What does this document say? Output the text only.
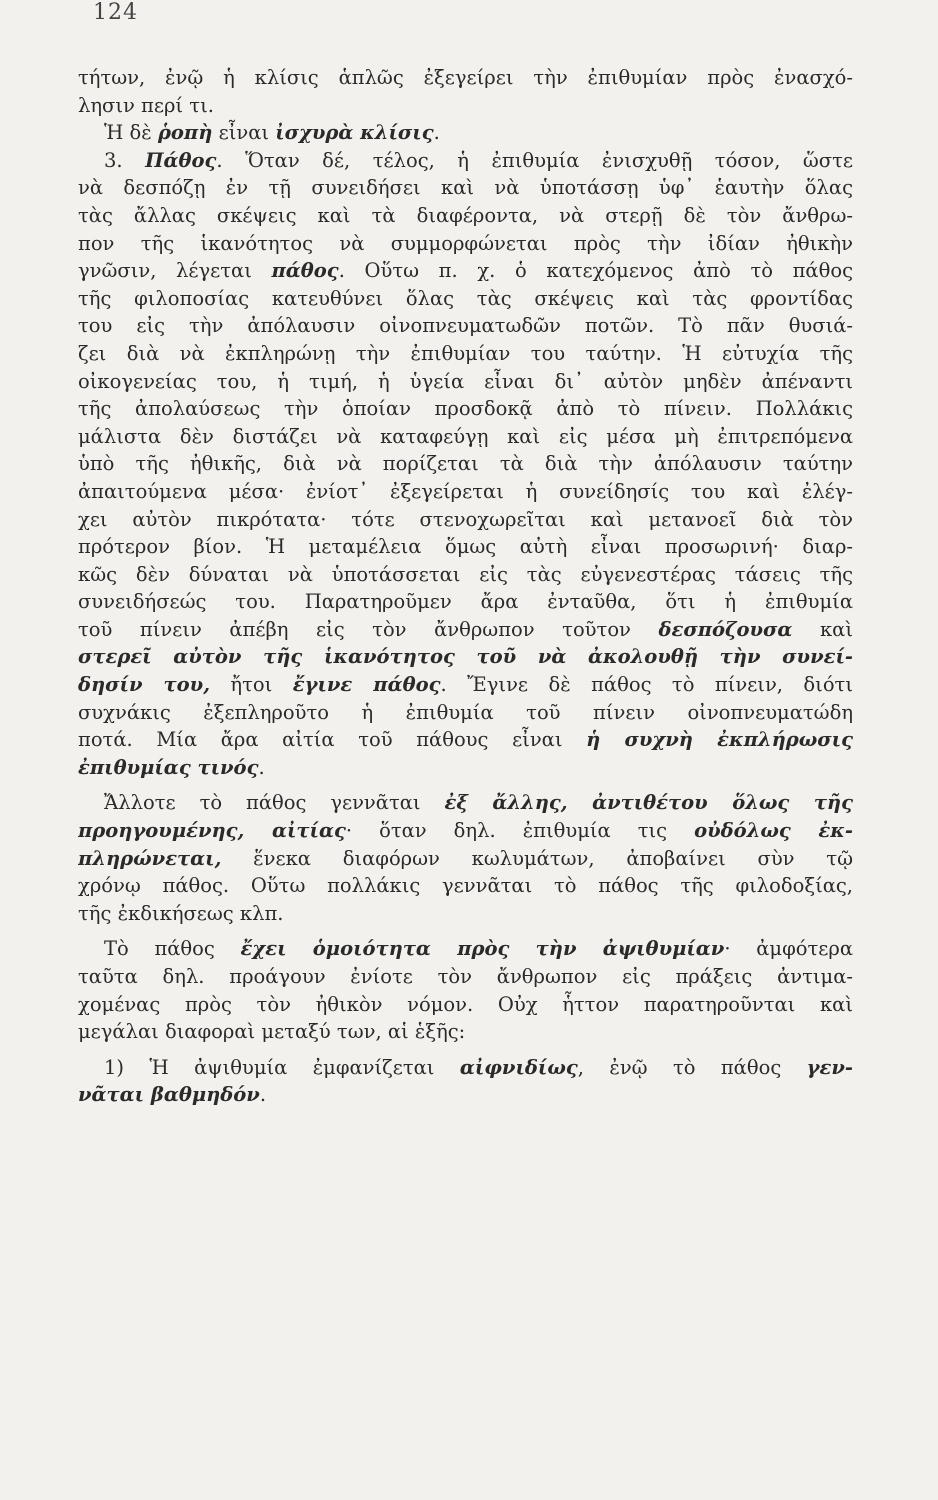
124
τήτων, ἐνῷ ἡ κλίσις ἁπλῶς ἐξεγείρει τὴν ἐπιθυμίαν πρὸς ἐνασχό-
λησιν περί τι.
Ἡ δὲ ῥοπὴ εἶναι ἰσχυρὰ κλίσις.
3. Πάθος. Ὅταν δέ, τέλος, ἡ ἐπιθυμία ἐνισχυθῇ τόσον, ὥστε
νὰ δεσπόζῃ ἐν τῇ συνειδήσει καὶ νὰ ὑποτάσσῃ ὑφ᾽ ἑαυτὴν ὅλας
τὰς ἄλλας σκέψεις καὶ τὰ διαφέροντα, νὰ στερῇ δὲ τὸν ἄνθρω-
πον τῆς ἱκανότητος νὰ συμμορφώνεται πρὸς τὴν ἰδίαν ἠθικὴν
γνῶσιν, λέγεται πάθος. Οὕτω π. χ. ὁ κατεχόμενος ἀπὸ τὸ πάθος
τῆς φιλοποσίας κατευθύνει ὅλας τὰς σκέψεις καὶ τὰς φροντίδας
του εἰς τὴν ἀπόλαυσιν οἰνοπνευματωδῶν ποτῶν. Τὸ πᾶν θυσιά-
ζει διὰ νὰ ἐκπληρώνῃ τὴν ἐπιθυμίαν του ταύτην. Ἡ εὐτυχία τῆς
οἰκογενείας του, ἡ τιμή, ἡ ὑγεία εἶναι δι᾽ αὐτὸν μηδὲν ἀπέναντι
τῆς ἀπολαύσεως τὴν ὁποίαν προσδοκᾷ ἀπὸ τὸ πίνειν. Πολλάκις
μάλιστα δὲν διστάζει νὰ καταφεύγῃ καὶ εἰς μέσα μὴ ἐπιτρεπόμενα
ὑπὸ τῆς ἠθικῆς, διὰ νὰ πορίζεται τὰ διὰ τὴν ἀπόλαυσιν ταύτην
ἀπαιτούμενα μέσα· ἐνίοτ᾽ ἐξεγείρεται ἡ συνείδησίς του καὶ ἐλέγ-
χει αὐτὸν πικρότατα· τότε στενοχωρεῖται καὶ μετανοεῖ διὰ τὸν
πρότερον βίον. Ἡ μεταμέλεια ὅμως αὐτὴ εἶναι προσωρινή· διαρ-
κῶς δὲν δύναται νὰ ὑποτάσσεται εἰς τὰς εὐγενεστέρας τάσεις τῆς
συνειδήσεώς του. Παρατηροῦμεν ἄρα ἐνταῦθα, ὅτι ἡ ἐπιθυμία
τοῦ πίνειν ἀπέβη εἰς τὸν ἄνθρωπον τοῦτον δεσπόζουσα καὶ
στερεῖ αὐτὸν τῆς ἱκανότητος τοῦ νὰ ἀκολουθῇ τὴν συνεί-
δησίν του, ἤτοι ἔγινε πάθος. Ἔγινε δὲ πάθος τὸ πίνειν, διότι
συχνάκις ἐξεπληροῦτο ἡ ἐπιθυμία τοῦ πίνειν οἰνοπνευματώδη
ποτά. Μία ἄρα αἰτία τοῦ πάθους εἶναι ἡ συχνὴ ἐκπλήρωσις
ἐπιθυμίας τινός.
Ἄλλοτε τὸ πάθος γεννᾶται ἐξ ἄλλης, ἀντιθέτου ὅλως τῆς
προηγουμένης, αἰτίας· ὅταν δηλ. ἐπιθυμία τις οὐδόλως ἐκ-
πληρώνεται, ἕνεκα διαφόρων κωλυμάτων, ἀποβαίνει σὺν τῷ
χρόνῳ πάθος. Οὕτω πολλάκις γεννᾶται τὸ πάθος τῆς φιλοδοξίας,
τῆς ἐκδικήσεως κλπ.
Τὸ πάθος ἔχει ὁμοιότητα πρὸς τὴν ἀψιθυμίαν· ἀμφότερα
ταῦτα δηλ. προάγουν ἐνίοτε τὸν ἄνθρωπον εἰς πράξεις ἀντιμα-
χομένας πρὸς τὸν ἠθικὸν νόμον. Οὐχ ἧττον παρατηροῦνται καὶ
μεγάλαι διαφοραὶ μεταξύ των, αἱ ἑξῆς:
1) Ἡ ἀψιθυμία ἐμφανίζεται αἰφνιδίως, ἐνῷ τὸ πάθος γεν-
νᾶται βαθμηδόν.
